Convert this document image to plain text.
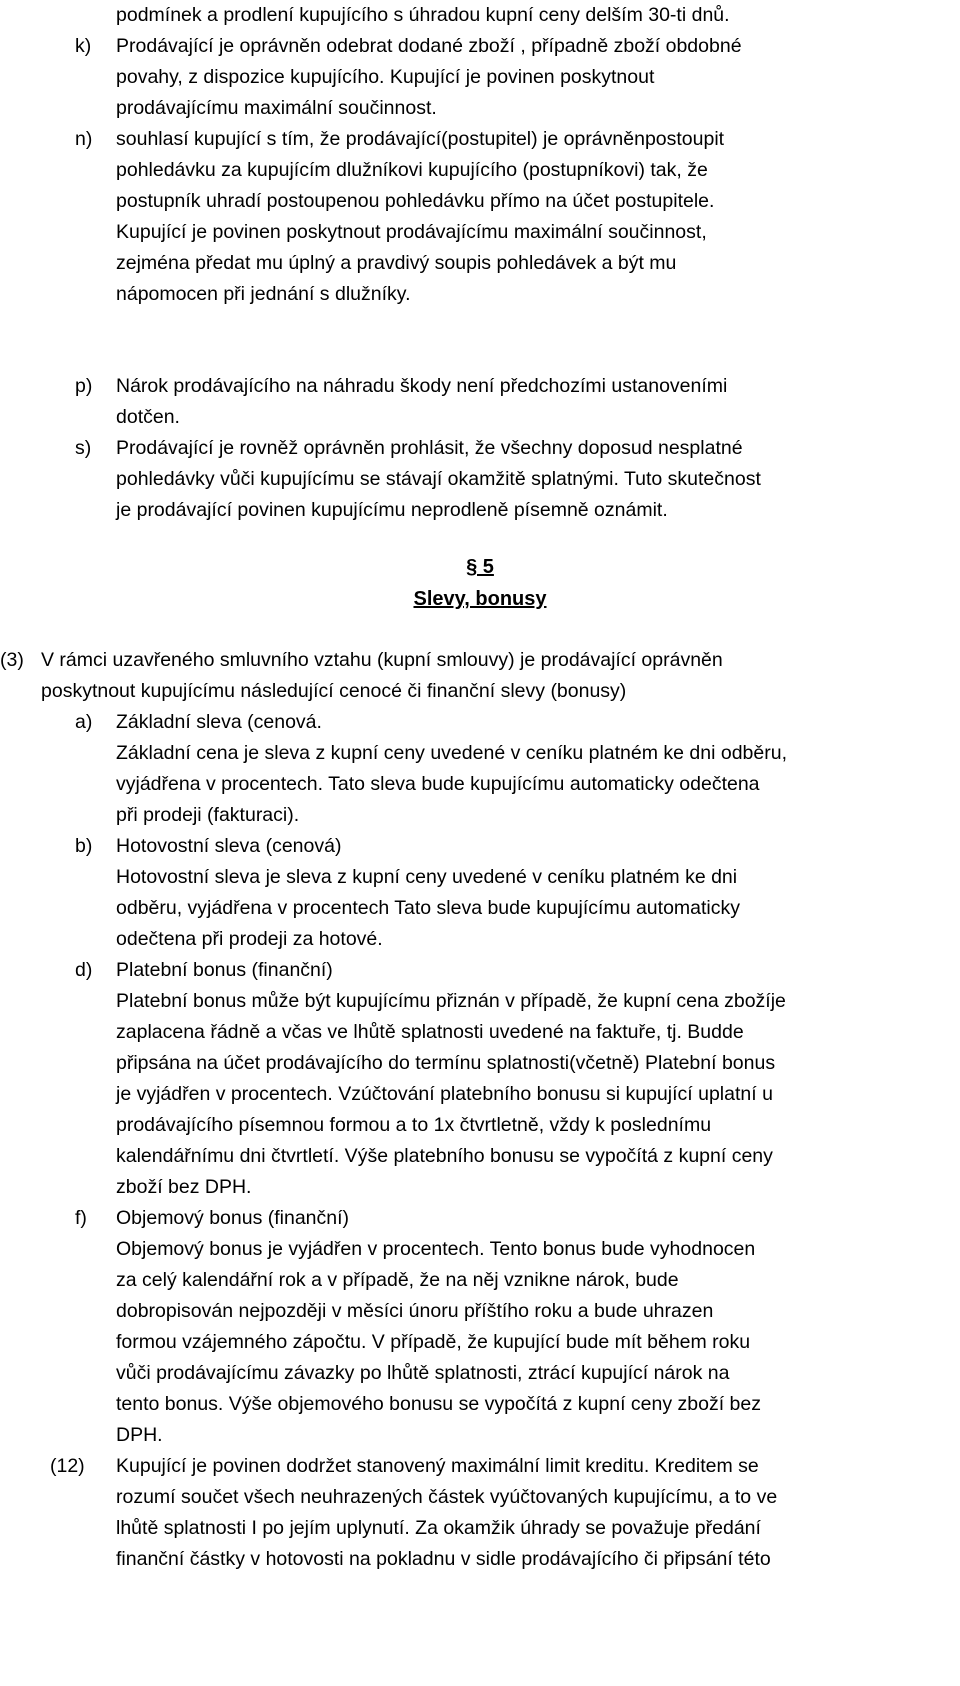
podmínek a prodlení kupujícího s úhradou kupní ceny delším 30-ti dnů.
k) Prodávající je oprávněn odebrat dodané zboží , případně zboží obdobné
povahy, z dispozice kupujícího. Kupující je povinen poskytnout
prodávajícímu maximální součinnost.
n) souhlasí kupující s tím, že prodávající(postupitel) je oprávněnpostoupit
pohledávku za kupujícím dlužníkovi kupujícího (postupníkovi) tak, že
postupník uhradí postoupenou pohledávku přímo na účet postupitele.
Kupující je povinen poskytnout prodávajícímu maximální součinnost,
zejména předat mu úplný a pravdivý soupis pohledávek a být mu
nápomocen při jednání s dlužníky.
p) Nárok prodávajícího na náhradu škody není předchozími ustanoveními
dotčen.
s) Prodávající je rovněž oprávněn prohlásit, že všechny doposud nesplatné
pohledávky vůči kupujícímu se stávají okamžitě splatnými. Tuto skutečnost
je prodávající povinen kupujícímu neprodleně písemně oznámit.
§ 5
Slevy, bonusy
(3) V rámci uzavřeného smluvního vztahu (kupní smlouvy) je prodávající oprávněn
poskytnout kupujícímu následující cenocé či finanční slevy (bonusy)
a) Základní sleva (cenová.
Základní cena je sleva z kupní ceny uvedené v ceníku platném ke dni odběru,
vyjádřena v procentech. Tato sleva bude kupujícímu automaticky odečtena
při prodeji (fakturaci).
b) Hotovostní sleva (cenová)
Hotovostní sleva je sleva z kupní ceny uvedené v ceníku platném ke dni
odběru, vyjádřena v procentech Tato sleva bude kupujícímu automaticky
odečtena při prodeji za hotové.
d) Platební bonus (finanční)
Platební bonus může být kupujícímu přiznán v případě, že kupní cena zbožíje
zaplacena řádně a včas ve lhůtě splatnosti uvedené na faktuře, tj. Budde
připsána na účet prodávajícího do termínu splatnosti(včetně) Platební bonus
je vyjádřen v procentech. Vzúčtování platebního bonusu si kupující uplatní u
prodávajícího písemnou formou a to 1x čtvrtletně, vždy k poslednímu
kalendářnímu dni čtvrtletí. Výše platebního bonusu se vypočítá z kupní ceny
zboží bez DPH.
f) Objemový bonus (finanční)
Objemový bonus je vyjádřen v procentech. Tento bonus bude vyhodnocen
za celý kalendářní rok a v případě, že na něj vznikne nárok, bude
dobropisován nejpozději v měsíci únoru příštího roku a bude uhrazen
formou vzájemného zápočtu. V případě, že kupující bude mít během roku
vůči prodávajícímu závazky po lhůtě splatnosti, ztrácí kupující nárok na
tento bonus. Výše objemového bonusu se vypočítá z kupní ceny zboží bez
DPH.
(12) Kupující je povinen dodržet stanovený maximální limit kreditu. Kreditem se
rozumí součet všech neuhrazených částek vyúčtovaných kupujícímu, a to ve
lhůtě splatnosti I po jejím uplynutí. Za okamžik úhrady se považuje předání
finanční částky v hotovosti na pokladnu v sidle prodávajícího či připsání této
